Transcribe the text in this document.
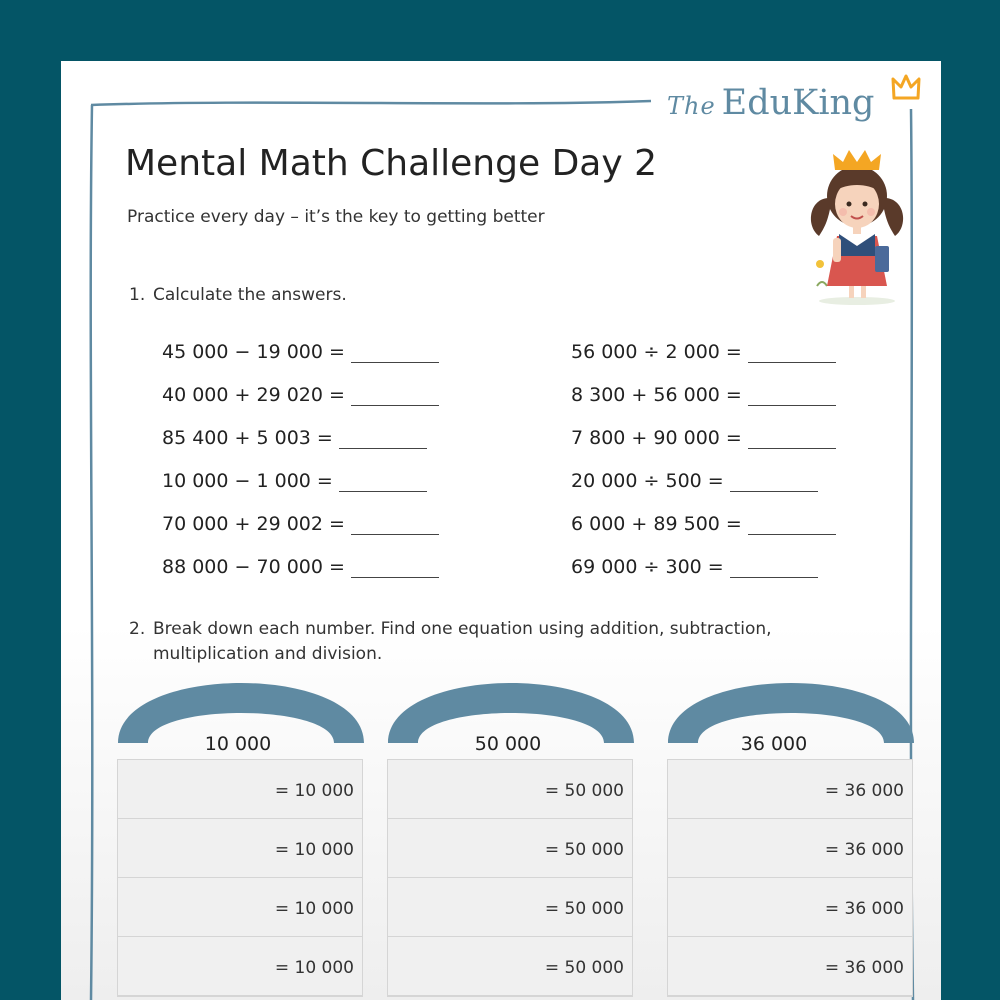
The EduKing
Mental Math Challenge Day 2
Practice every day – it’s the key to getting better
1. Calculate the answers.
45 000 − 19 000 =
40 000 + 29 020 =
85 400 + 5 003 =
10 000 − 1 000 =
70 000 + 29 002 =
88 000 − 70 000 =
56 000 ÷ 2 000 =
8 300 + 56 000 =
7 800 + 90 000 =
20 000 ÷ 500 =
6 000 + 89 500 =
69 000 ÷ 300 =
2. Break down each number. Find one equation using addition, subtraction,
multiplication and division.
10 000	50 000	36 000
= 10 000
= 10 000
= 10 000
= 10 000
= 50 000
= 50 000
= 50 000
= 50 000
= 36 000
= 36 000
= 36 000
= 36 000
